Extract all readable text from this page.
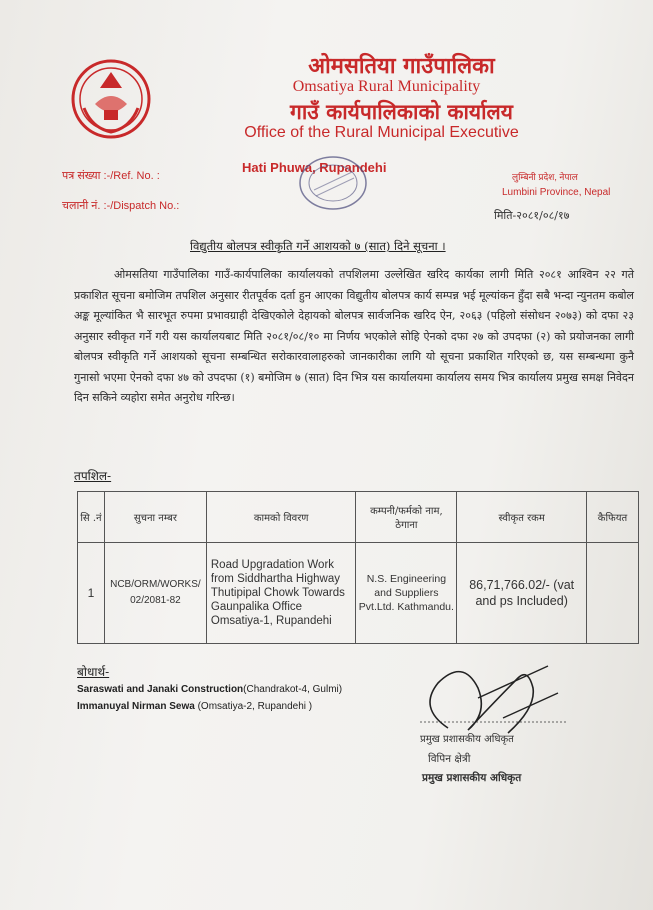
ओमसतिया गाउँपालिका
Omsatiya Rural Municipality
गाउँ कार्यपालिकाको कार्यालय
Office of the Rural Municipal Executive
Hati Phuwa, Rupandehi
पत्र संख्या :-/Ref. No. :
चलानी नं. :-/Dispatch No.:
लुम्बिनी प्रदेश, नेपाल
Lumbini Province, Nepal
मिति-२०८१/०८/१७
विद्युतीय बोलपत्र स्वीकृति गर्ने आशयको ७ (सात) दिने सूचना ।
ओमसतिया गाउँपालिका गाउँ-कार्यपालिका कार्यालयको तपशिलमा उल्लेखित खरिद कार्यका लागी मिति २०८१ आश्विन २२ गते प्रकाशित सूचना बमोजिम तपशिल अनुसार रीतपूर्वक दर्ता हुन आएका विद्युतीय बोलपत्र कार्य सम्पन्न भई मूल्यांकन हुँदा सबै भन्दा न्युनतम कबोल अङ्क मूल्यांकित भै सारभूत रुपमा प्रभावग्राही देखिएकोले देहायको बोलपत्र सार्वजनिक खरिद ऐन, २०६३ (पहिलो संसोधन २०७३) को दफा २३ अनुसार स्वीकृत गर्ने गरी यस कार्यालयबाट मिति २०८१/०८/१० मा निर्णय भएकोले सोहि ऐनको दफा २७ को उपदफा (२) को प्रयोजनका लागी बोलपत्र स्वीकृति गर्ने आशयको सूचना सम्बन्धित सरोकारवालाहरुको जानकारीका लागि यो सूचना प्रकाशित गरिएको छ, यस सम्बन्धमा कुनै गुनासो भएमा ऐनको दफा ४७ को उपदफा (१) बमोजिम ७ (सात) दिन भित्र यस कार्यालयमा कार्यालय समय भित्र कार्यालय प्रमुख समक्ष निवेदन दिन सकिने व्यहोरा समेत अनुरोध गरिन्छ।
तपशिल-
सि .नं	सुचना नम्बर	कामको विवरण	कम्पनी/फर्मको नाम, ठेगाना	स्वीकृत रकम	कैफियत
1	NCB/ORM/WORKS/ 02/2081-82	Road Upgradation Work from Siddhartha Highway Thutipipal Chowk Towards Gaunpalika Office Omsatiya-1, Rupandehi	N.S. Engineering and Suppliers Pvt.Ltd. Kathmandu.	86,71,766.02/- (vat and ps Included)	
बोधार्थ-
Saraswati and Janaki Construction(Chandrakot-4, Gulmi)
Immanuyal Nirman Sewa (Omsatiya-2, Rupandehi )
प्रमुख प्रशासकीय अधिकृत
विपिन क्षेत्री
प्रमुख प्रशासकीय अधिकृत
